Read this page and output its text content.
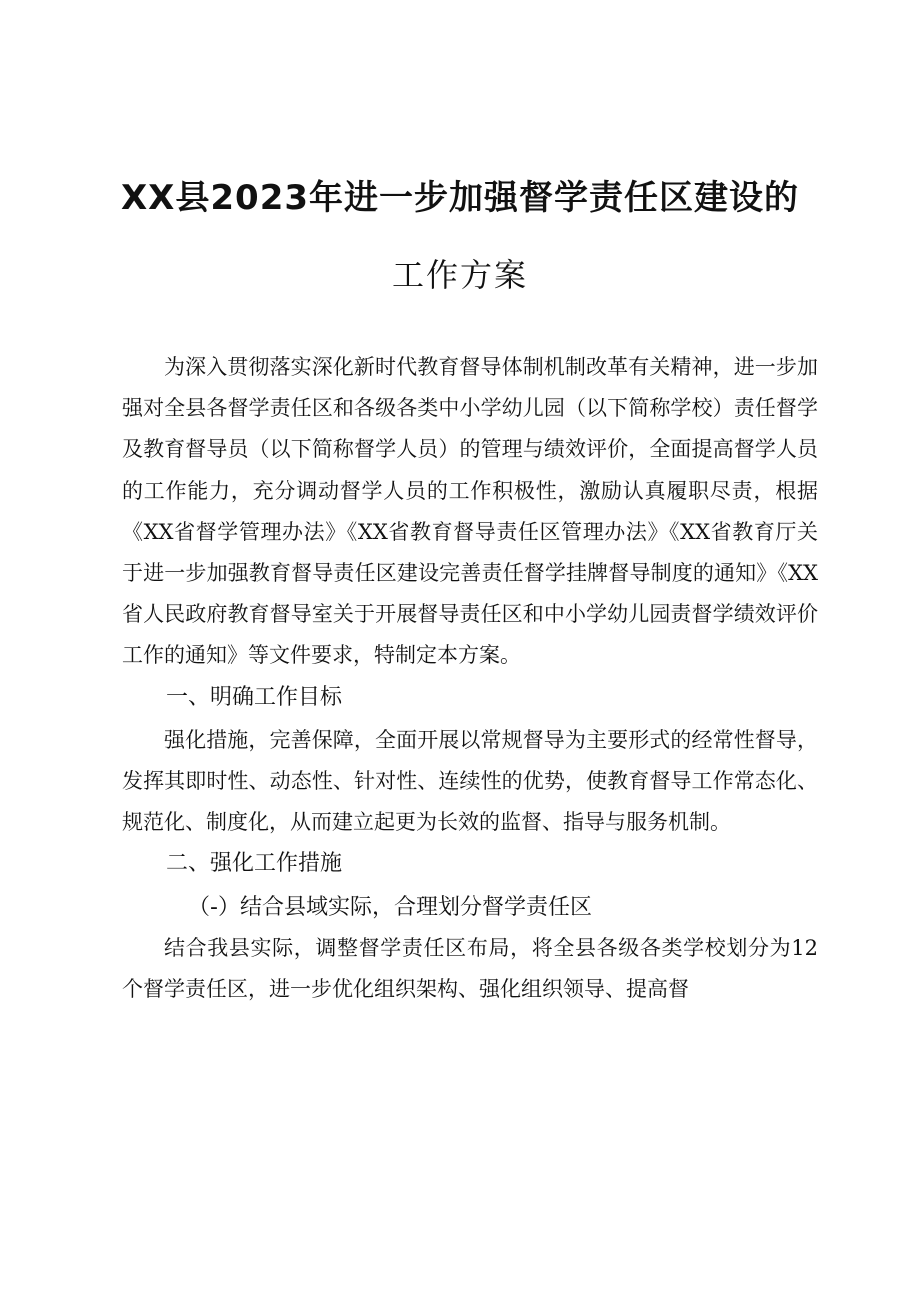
XX县2023年进一步加强督学责任区建设的
工作方案

为深入贯彻落实深化新时代教育督导体制机制改革有关精神，进一步加强对全县各督学责任区和各级各类中小学幼儿园（以下简称学校）责任督学及教育督导员（以下简称督学人员）的管理与绩效评价，全面提高督学人员的工作能力，充分调动督学人员的工作积极性，激励认真履职尽责，根据《XX省督学管理办法》《XX省教育督导责任区管理办法》《XX省教育厅关于进一步加强教育督导责任区建设完善责任督学挂牌督导制度的通知》《XX省人民政府教育督导室关于开展督导责任区和中小学幼儿园责督学绩效评价工作的通知》等文件要求，特制定本方案。

一、明确工作目标

强化措施，完善保障，全面开展以常规督导为主要形式的经常性督导，发挥其即时性、动态性、针对性、连续性的优势，使教育督导工作常态化、规范化、制度化，从而建立起更为长效的监督、指导与服务机制。

二、强化工作措施

（-）结合县域实际，合理划分督学责任区

结合我县实际，调整督学责任区布局，将全县各级各类学校划分为12个督学责任区，进一步优化组织架构、强化组织领导、提高督
